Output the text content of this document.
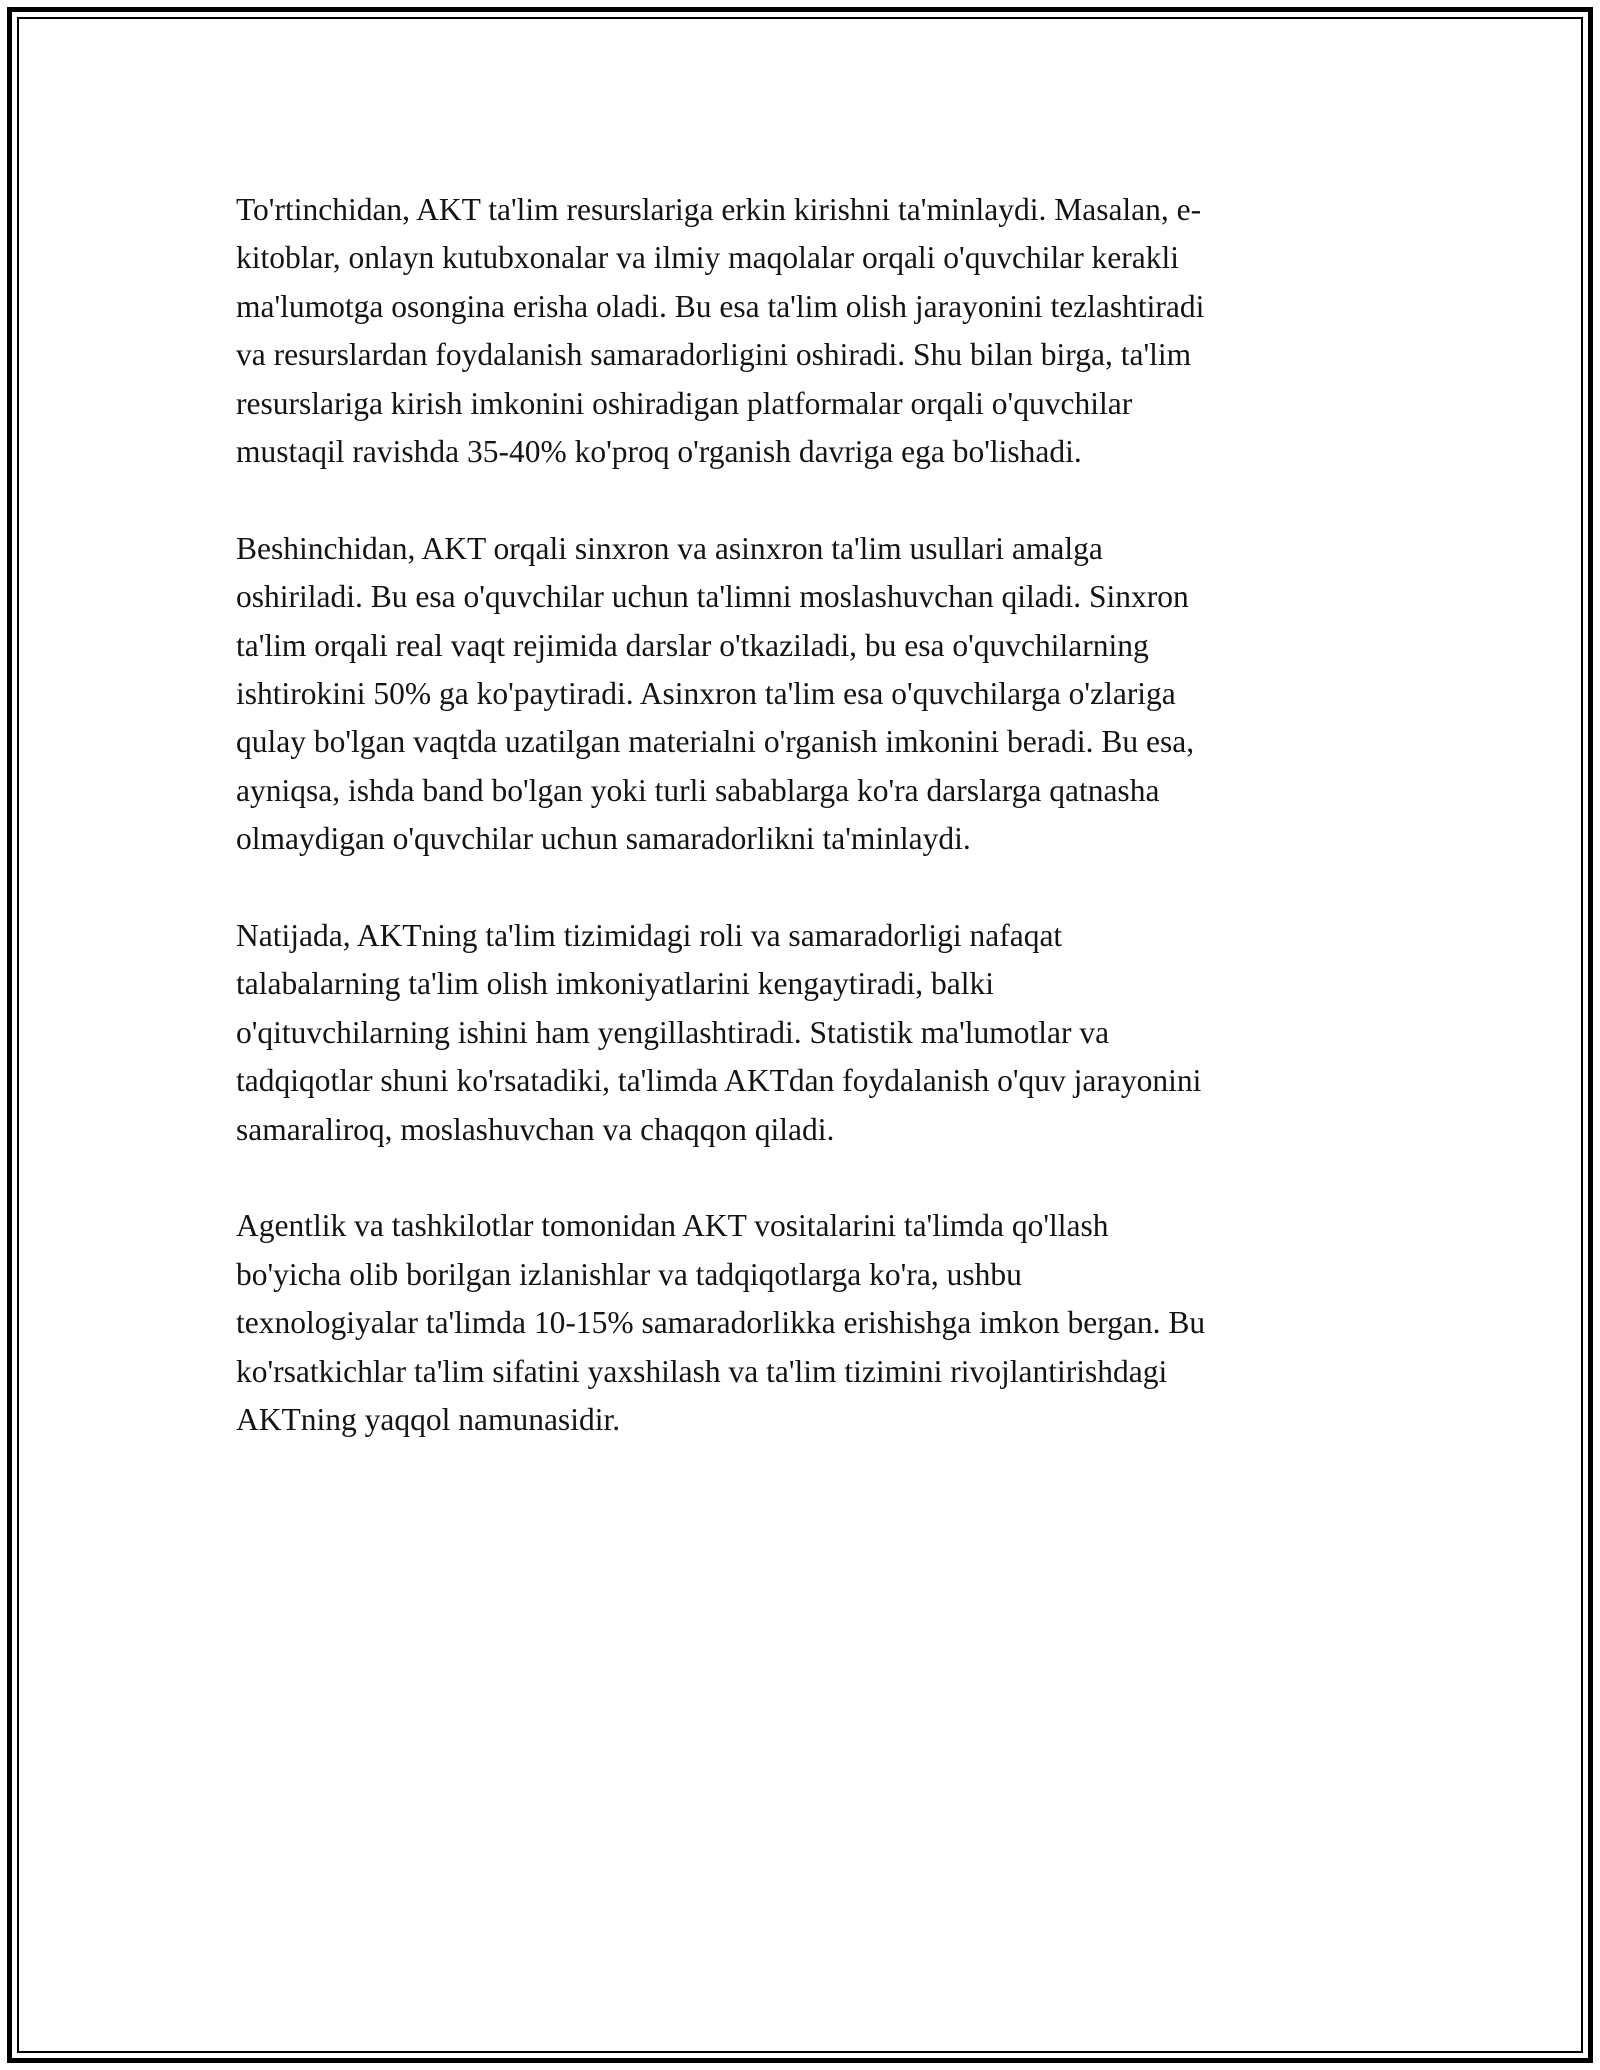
To'rtinchidan, AKT ta'lim resurslariga erkin kirishni ta'minlaydi. Masalan, e-
kitoblar, onlayn kutubxonalar va ilmiy maqolalar orqali o'quvchilar kerakli
ma'lumotga osongina erisha oladi. Bu esa ta'lim olish jarayonini tezlashtiradi
va resurslardan foydalanish samaradorligini oshiradi. Shu bilan birga, ta'lim
resurslariga kirish imkonini oshiradigan platformalar orqali o'quvchilar
mustaqil ravishda 35-40% ko'proq o'rganish davriga ega bo'lishadi.

Beshinchidan, AKT orqali sinxron va asinxron ta'lim usullari amalga
oshiriladi. Bu esa o'quvchilar uchun ta'limni moslashuvchan qiladi. Sinxron
ta'lim orqali real vaqt rejimida darslar o'tkaziladi, bu esa o'quvchilarning
ishtirokini 50% ga ko'paytiradi. Asinxron ta'lim esa o'quvchilarga o'zlariga
qulay bo'lgan vaqtda uzatilgan materialni o'rganish imkonini beradi. Bu esa,
ayniqsa, ishda band bo'lgan yoki turli sabablarga ko'ra darslarga qatnasha
olmaydigan o'quvchilar uchun samaradorlikni ta'minlaydi.

Natijada, AKTning ta'lim tizimidagi roli va samaradorligi nafaqat
talabalarning ta'lim olish imkoniyatlarini kengaytiradi, balki
o'qituvchilarning ishini ham yengillashtiradi. Statistik ma'lumotlar va
tadqiqotlar shuni ko'rsatadiki, ta'limda AKTdan foydalanish o'quv jarayonini
samaraliroq, moslashuvchan va chaqqon qiladi.

Agentlik va tashkilotlar tomonidan AKT vositalarini ta'limda qo'llash
bo'yicha olib borilgan izlanishlar va tadqiqotlarga ko'ra, ushbu
texnologiyalar ta'limda 10-15% samaradorlikka erishishga imkon bergan. Bu
ko'rsatkichlar ta'lim sifatini yaxshilash va ta'lim tizimini rivojlantirishdagi
AKTning yaqqol namunasidir.
